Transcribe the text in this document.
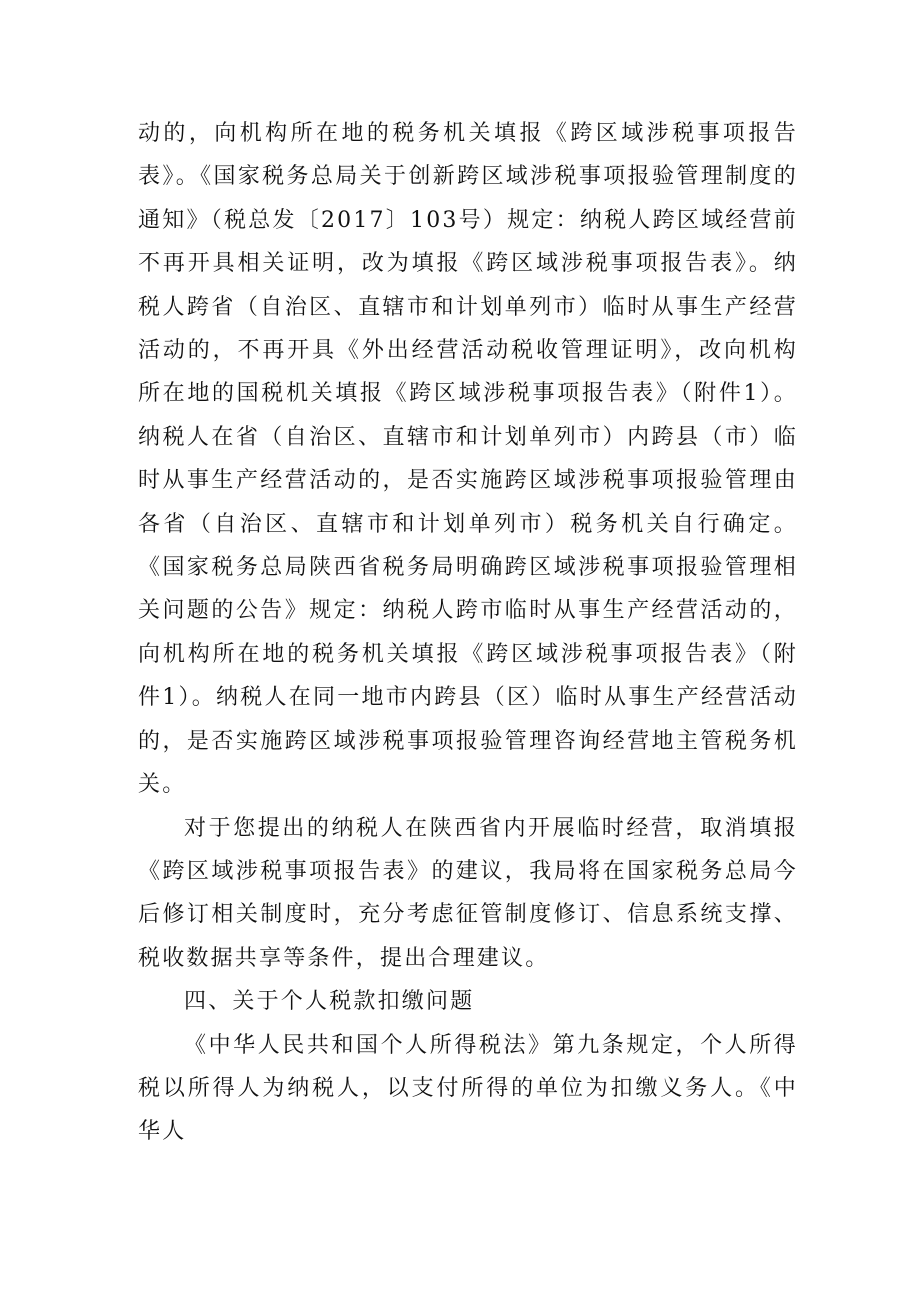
动的，向机构所在地的税务机关填报《跨区域涉税事项报告表》。《国家税务总局关于创新跨区域涉税事项报验管理制度的通知》（税总发〔2017〕103号）规定：纳税人跨区域经营前不再开具相关证明，改为填报《跨区域涉税事项报告表》。纳税人跨省（自治区、直辖市和计划单列市）临时从事生产经营活动的，不再开具《外出经营活动税收管理证明》，改向机构所在地的国税机关填报《跨区域涉税事项报告表》（附件1）。纳税人在省（自治区、直辖市和计划单列市）内跨县（市）临时从事生产经营活动的，是否实施跨区域涉税事项报验管理由各省（自治区、直辖市和计划单列市）税务机关自行确定。《国家税务总局陕西省税务局明确跨区域涉税事项报验管理相关问题的公告》规定：纳税人跨市临时从事生产经营活动的，向机构所在地的税务机关填报《跨区域涉税事项报告表》（附件1）。纳税人在同一地市内跨县（区）临时从事生产经营活动的，是否实施跨区域涉税事项报验管理咨询经营地主管税务机关。

对于您提出的纳税人在陕西省内开展临时经营，取消填报《跨区域涉税事项报告表》的建议，我局将在国家税务总局今后修订相关制度时，充分考虑征管制度修订、信息系统支撑、税收数据共享等条件，提出合理建议。

四、关于个人税款扣缴问题

《中华人民共和国个人所得税法》第九条规定，个人所得税以所得人为纳税人，以支付所得的单位为扣缴义务人。《中华人
